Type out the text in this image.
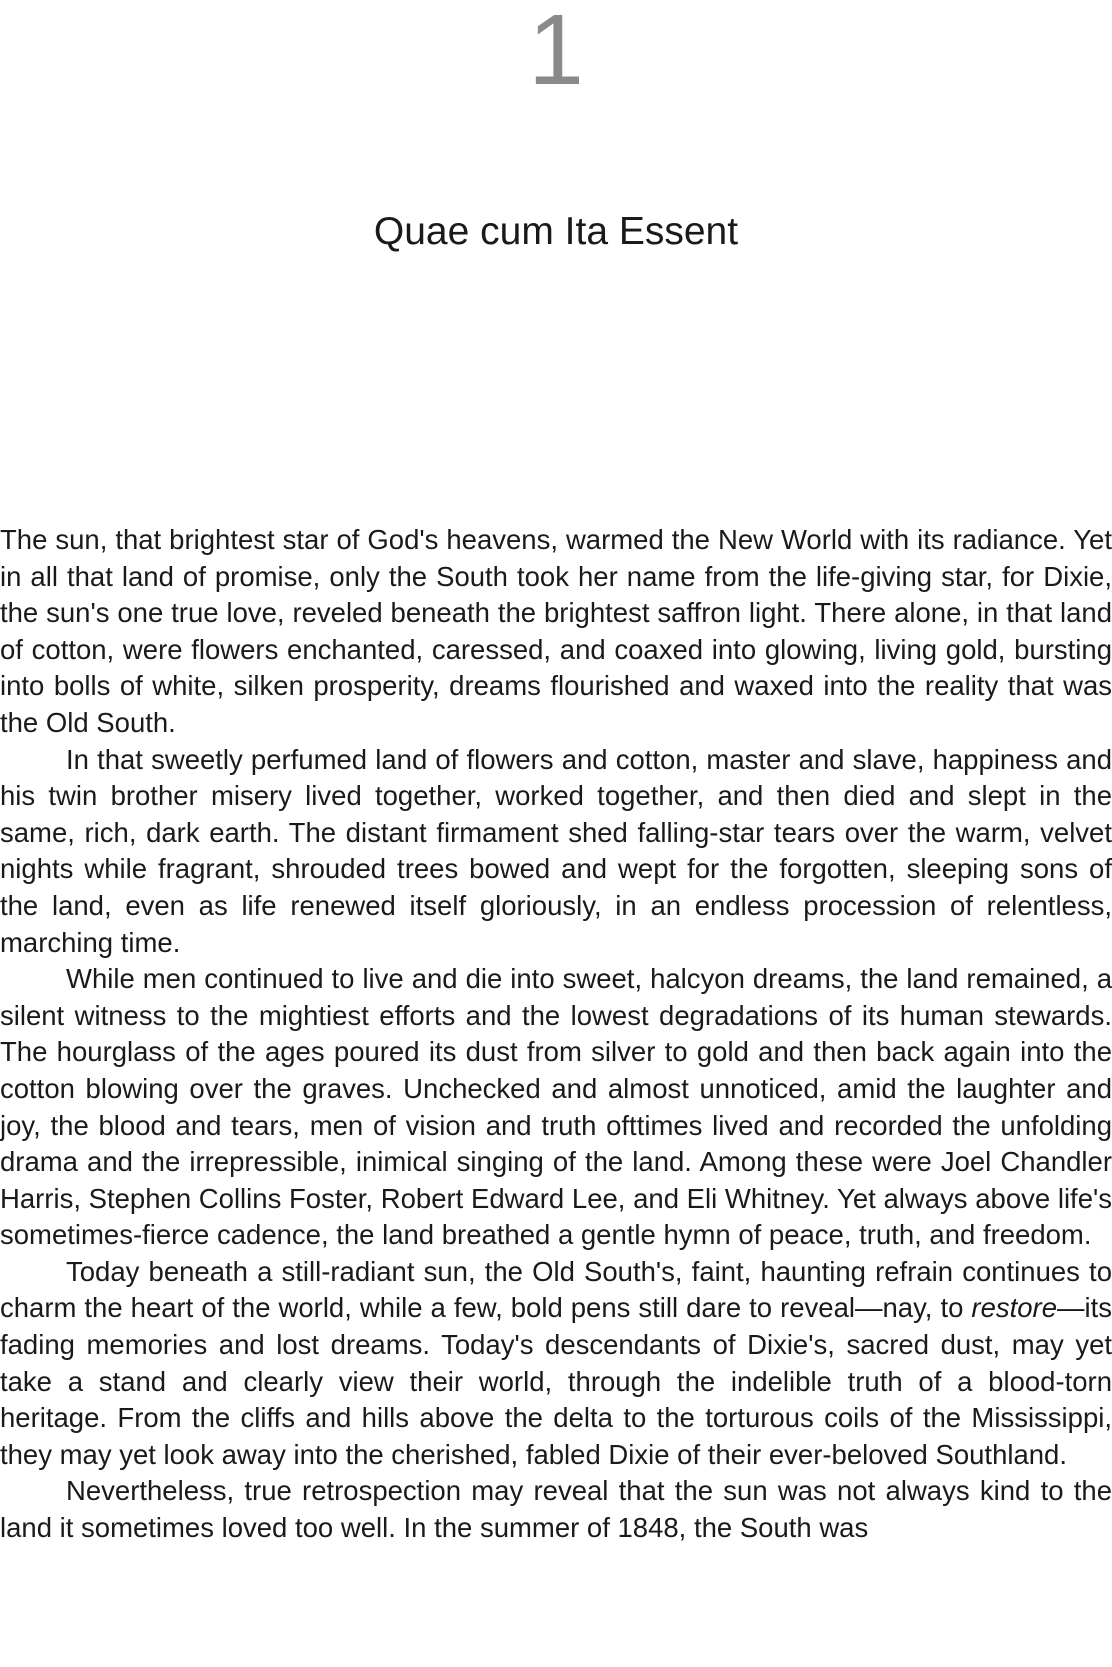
1
Quae cum Ita Essent

The sun, that brightest star of God's heavens, warmed the New World with its radiance. Yet in all that land of promise, only the South took her name from the life-giving star, for Dixie, the sun's one true love, reveled beneath the brightest saffron light. There alone, in that land of cotton, were flowers enchanted, caressed, and coaxed into glowing, living gold, bursting into bolls of white, silken prosperity, dreams flourished and waxed into the reality that was the Old South.

In that sweetly perfumed land of flowers and cotton, master and slave, happiness and his twin brother misery lived together, worked together, and then died and slept in the same, rich, dark earth. The distant firmament shed falling-star tears over the warm, velvet nights while fragrant, shrouded trees bowed and wept for the forgotten, sleeping sons of the land, even as life renewed itself gloriously, in an endless procession of relentless, marching time.

While men continued to live and die into sweet, halcyon dreams, the land remained, a silent witness to the mightiest efforts and the lowest degradations of its human stewards. The hourglass of the ages poured its dust from silver to gold and then back again into the cotton blowing over the graves. Unchecked and almost unnoticed, amid the laughter and joy, the blood and tears, men of vision and truth ofttimes lived and recorded the unfolding drama and the irrepressible, inimical singing of the land. Among these were Joel Chandler Harris, Stephen Collins Foster, Robert Edward Lee, and Eli Whitney. Yet always above life's sometimes-fierce cadence, the land breathed a gentle hymn of peace, truth, and freedom.

Today beneath a still-radiant sun, the Old South's, faint, haunting refrain continues to charm the heart of the world, while a few, bold pens still dare to reveal—nay, to restore—its fading memories and lost dreams. Today's descendants of Dixie's, sacred dust, may yet take a stand and clearly view their world, through the indelible truth of a blood-torn heritage. From the cliffs and hills above the delta to the torturous coils of the Mississippi, they may yet look away into the cherished, fabled Dixie of their ever-beloved Southland.

Nevertheless, true retrospection may reveal that the sun was not always kind to the land it sometimes loved too well. In the summer of 1848, the South was
